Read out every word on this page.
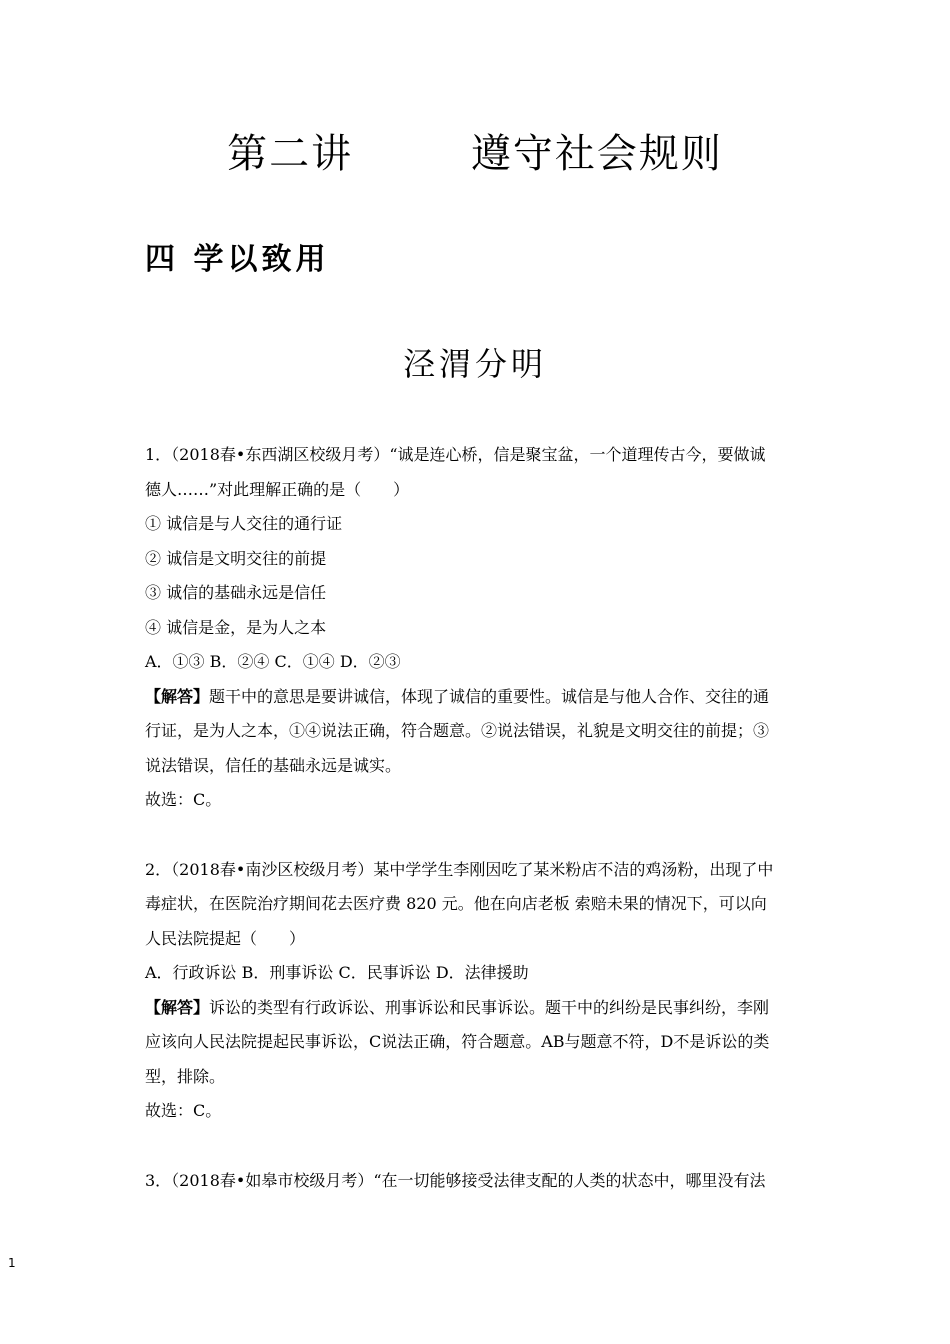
第二讲        遵守社会规则
四 学以致用
泾渭分明
1．（2018春•东西湖区校级月考）“诚是连心桥，信是聚宝盆，一个道理传古今，要做诚
德人……”对此理解正确的是（　　）
① 诚信是与人交往的通行证
② 诚信是文明交往的前提
③ 诚信的基础永远是信任
④ 诚信是金，是为人之本
A．①③ B．②④ C．①④ D．②③
【解答】题干中的意思是要讲诚信，体现了诚信的重要性。诚信是与他人合作、交往的通
行证，是为人之本，①④说法正确，符合题意。②说法错误，礼貌是文明交往的前提；③
说法错误，信任的基础永远是诚实。
故选：C。
2．（2018春•南沙区校级月考）某中学学生李刚因吃了某米粉店不洁的鸡汤粉，出现了中
毒症状，在医院治疗期间花去医疗费 820 元。他在向店老板 索赔未果的情况下，可以向
人民法院提起（　　）
A．行政诉讼 B．刑事诉讼 C．民事诉讼 D．法律援助
【解答】诉讼的类型有行政诉讼、刑事诉讼和民事诉讼。题干中的纠纷是民事纠纷，李刚
应该向人民法院提起民事诉讼，C说法正确，符合题意。AB与题意不符，D不是诉讼的类
型，排除。
故选：C。
3．（2018春•如皋市校级月考）“在一切能够接受法律支配的人类的状态中，哪里没有法
1
